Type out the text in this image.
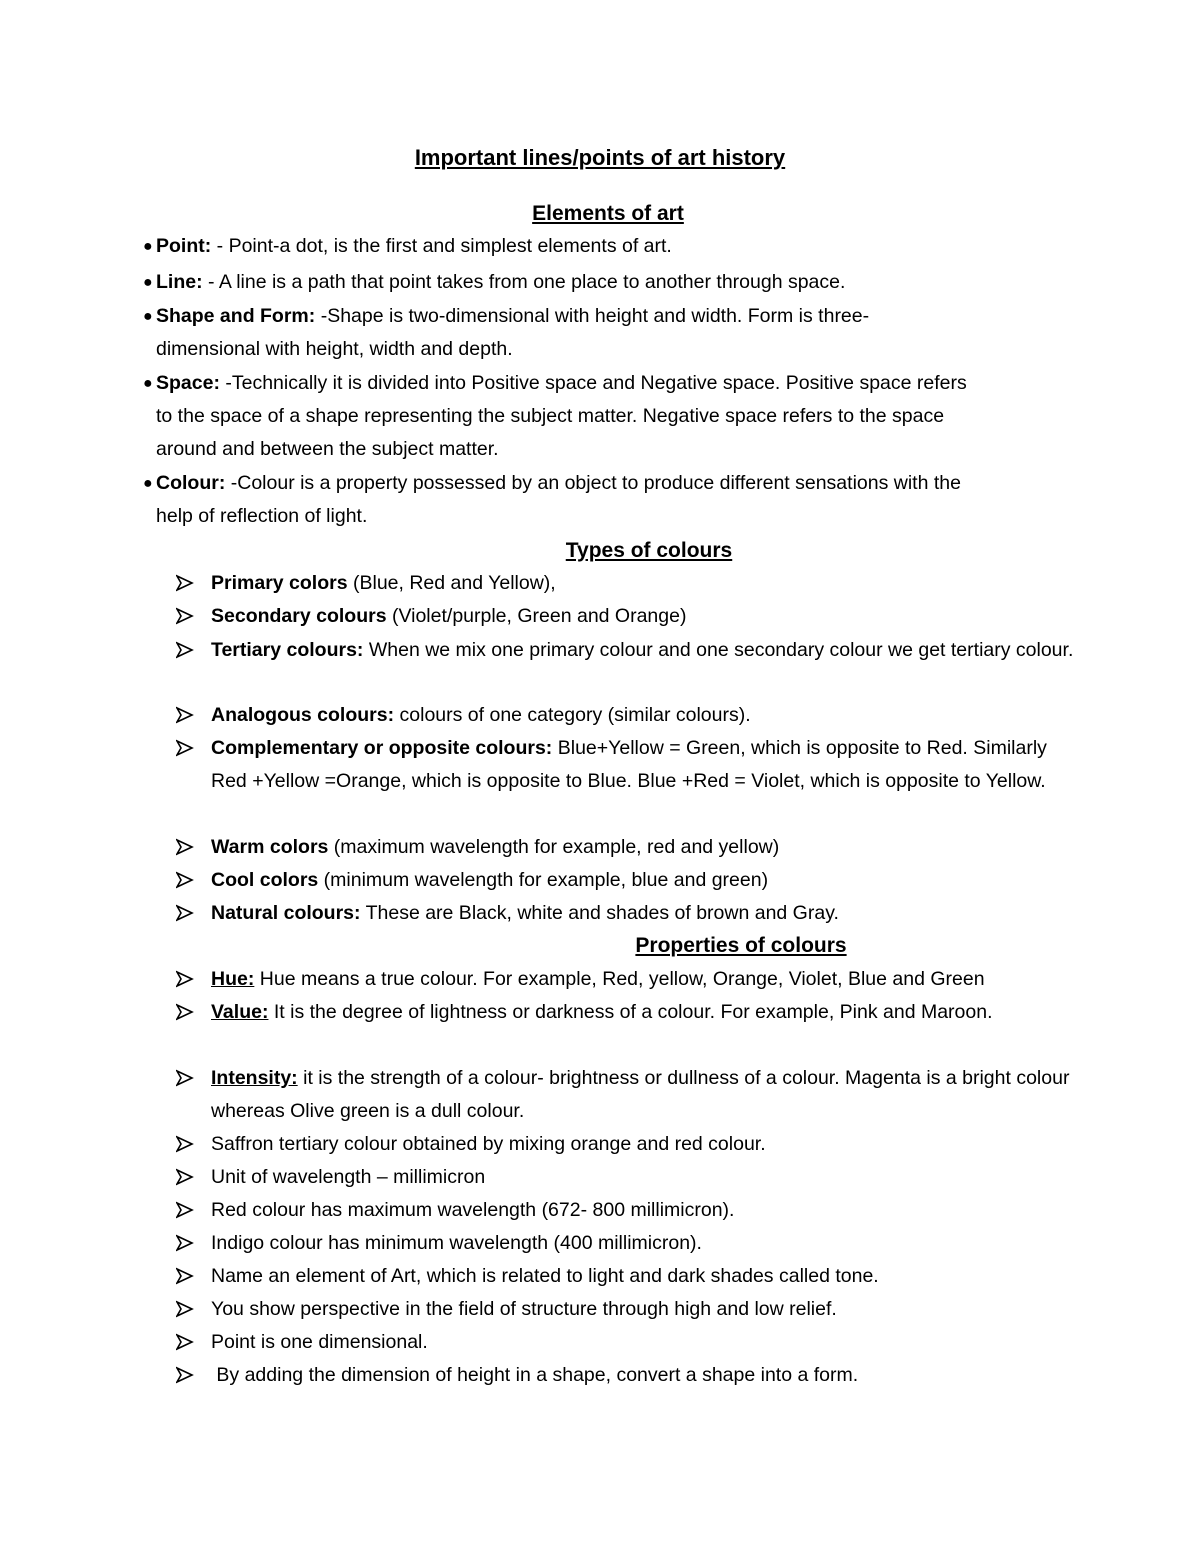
Important lines/points of art history
Elements of art
● Point: - Point-a dot, is the first and simplest elements of art.
● Line: - A line is a path that point takes from one place to another through space.
● Shape and Form: -Shape is two-dimensional with height and width. Form is three-
dimensional with height, width and depth.
● Space: -Technically it is divided into Positive space and Negative space. Positive space refers
to the space of a shape representing the subject matter. Negative space refers to the space
around and between the subject matter.
● Colour: -Colour is a property possessed by an object to produce different sensations with the
help of reflection of light.
Types of colours
Primary colors (Blue, Red and Yellow),
Secondary colours (Violet/purple, Green and Orange)
Tertiary colours: When we mix one primary colour and one secondary colour we get tertiary colour.
Analogous colours: colours of one category (similar colours).
Complementary or opposite colours: Blue+Yellow = Green, which is opposite to Red. Similarly Red +Yellow =Orange, which is opposite to Blue. Blue +Red = Violet, which is opposite to Yellow.
Warm colors (maximum wavelength for example, red and yellow)
Cool colors (minimum wavelength for example, blue and green)
Natural colours: These are Black, white and shades of brown and Gray.
Properties of colours
Hue: Hue means a true colour. For example, Red, yellow, Orange, Violet, Blue and Green
Value: It is the degree of lightness or darkness of a colour. For example, Pink and Maroon.
Intensity: it is the strength of a colour- brightness or dullness of a colour. Magenta is a bright colour whereas Olive green is a dull colour.
Saffron tertiary colour obtained by mixing orange and red colour.
Unit of wavelength – millimicron
Red colour has maximum wavelength (672- 800 millimicron).
Indigo colour has minimum wavelength (400 millimicron).
Name an element of Art, which is related to light and dark shades called tone.
You show perspective in the field of structure through high and low relief.
Point is one dimensional.
By adding the dimension of height in a shape, convert a shape into a form.
